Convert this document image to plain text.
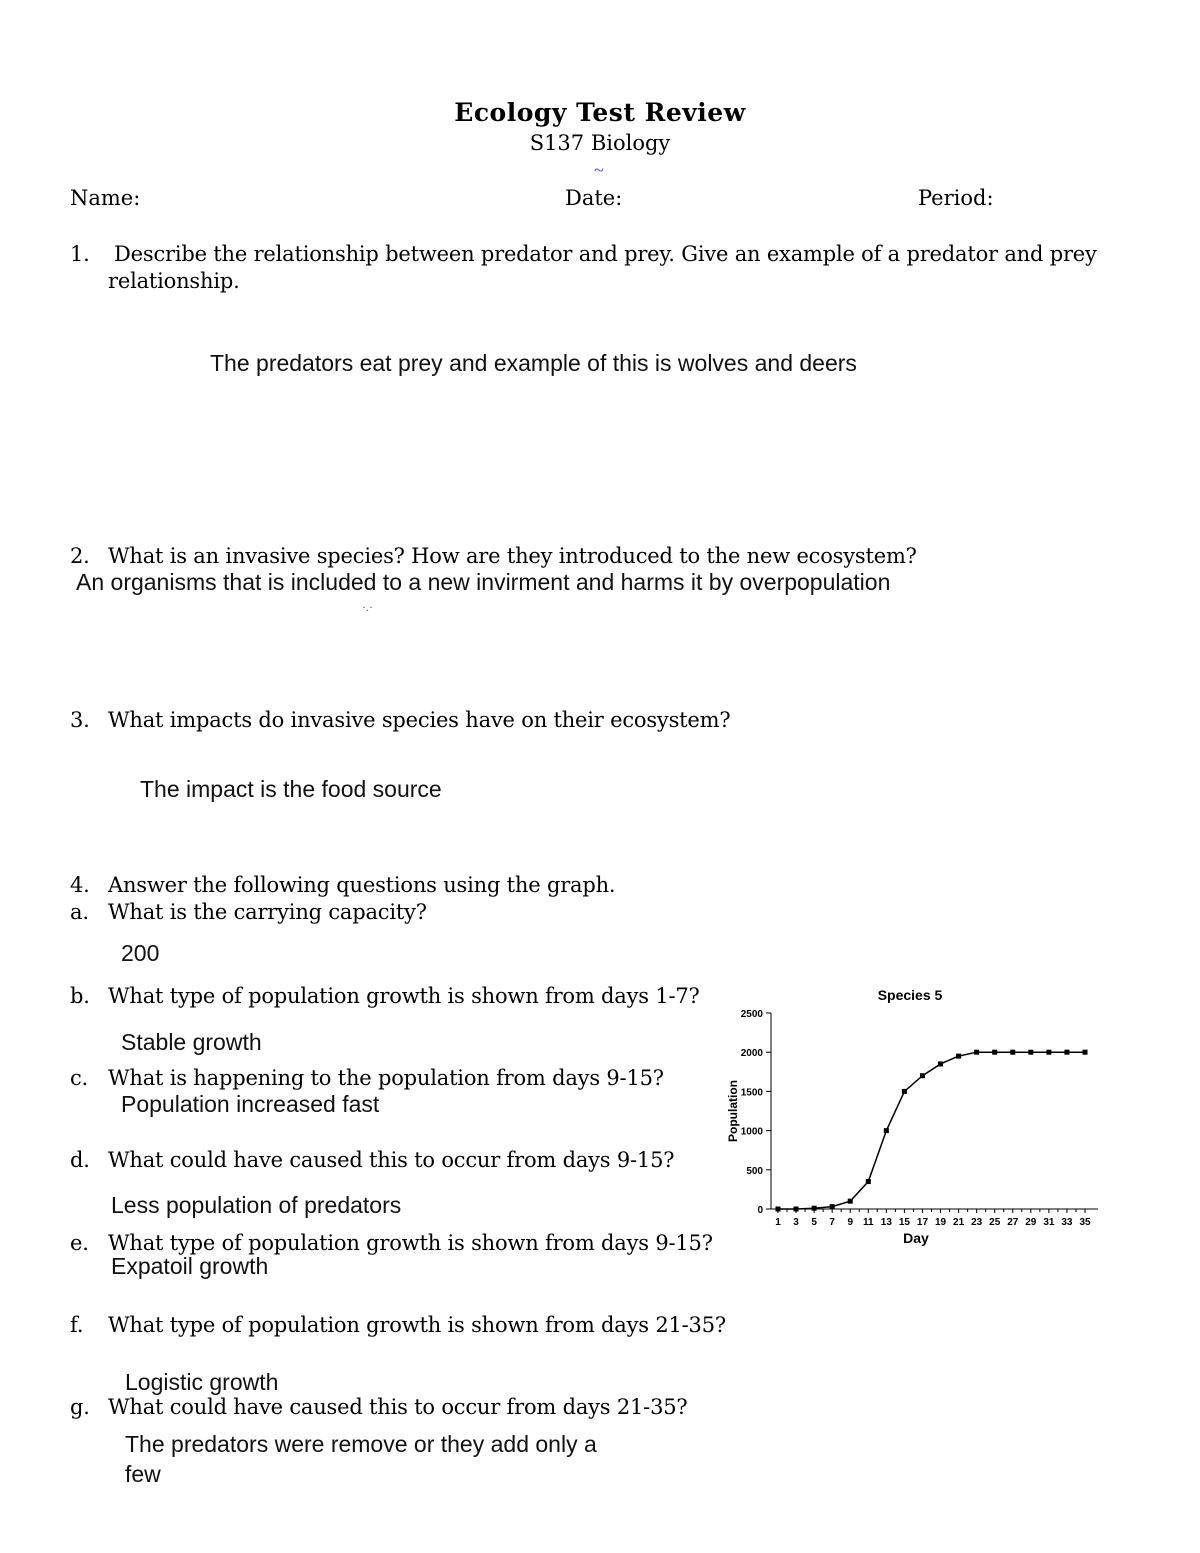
Ecology Test Review
S137 Biology
~
Name:	Date:	Period:
1. Describe the relationship between predator and prey. Give an example of a predator and prey
relationship.
The predators eat prey and example of this is wolves and deers
2. What is an invasive species? How are they introduced to the new ecosystem?
An organisms that is included to a new invirment and harms it by overpopulation
·.·
3. What impacts do invasive species have on their ecosystem?
The impact is the food source
4. Answer the following questions using the graph.
a. What is the carrying capacity?
200
b. What type of population growth is shown from days 1-7?
Stable growth
c. What is happening to the population from days 9-15?
Population increased fast
d. What could have caused this to occur from days 9-15?
Less population of predators
e. What type of population growth is shown from days 9-15?
Expatoil growth
f. What type of population growth is shown from days 21-35?
Logistic growth
g. What could have caused this to occur from days 21-35?
The predators were remove or they add only a
few
Species 5
Population
Day
0
500
1000
1500
2000
2500
1 3 5 7 9 11 13 15 17 19 21 23 25 27 29 31 33 35
